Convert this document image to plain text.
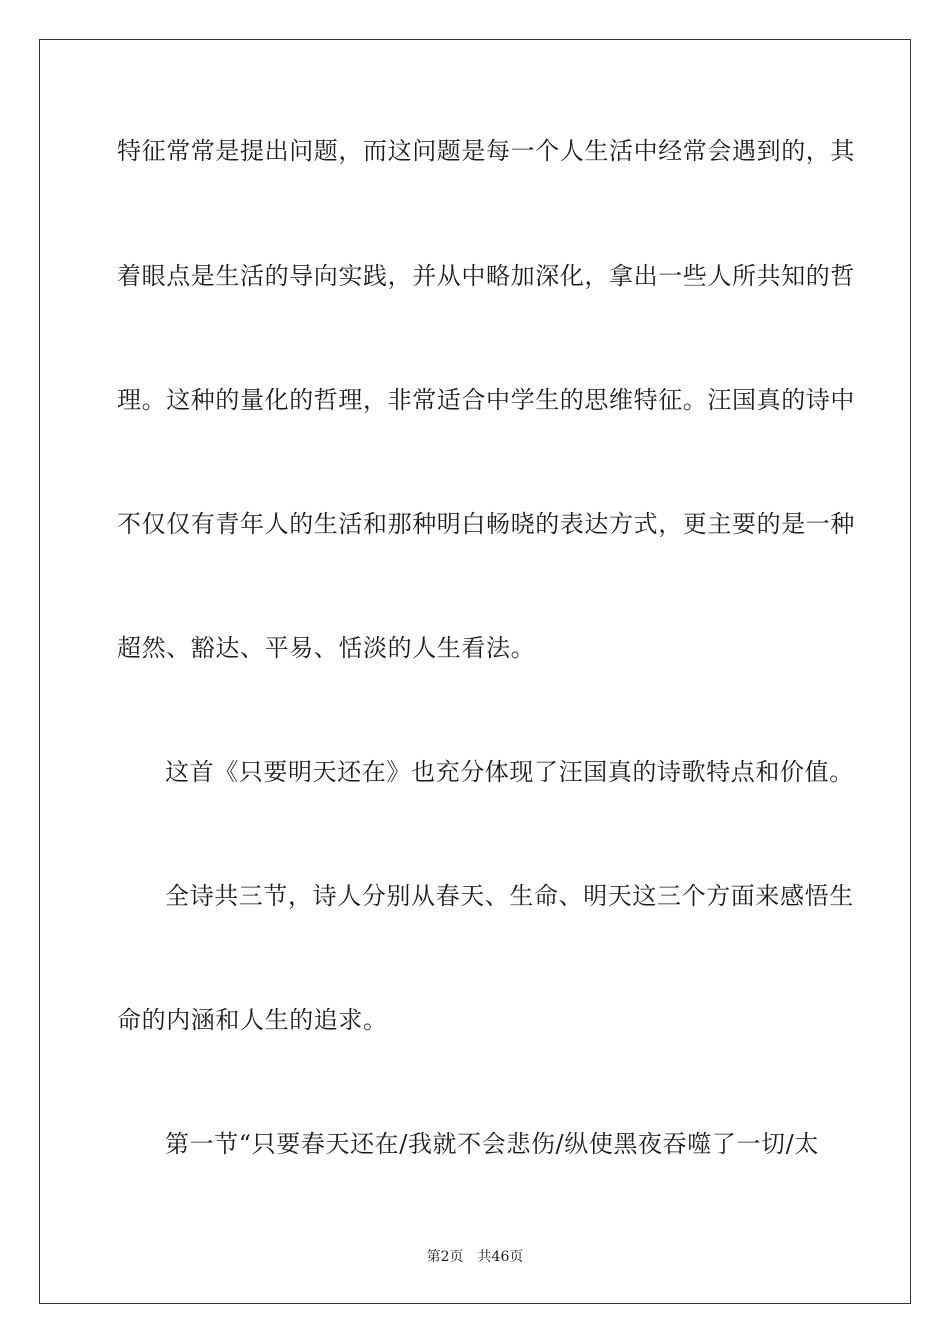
特征常常是提出问题，而这问题是每一个人生活中经常会遇到的，其
着眼点是生活的导向实践，并从中略加深化，拿出一些人所共知的哲
理。这种的量化的哲理，非常适合中学生的思维特征。汪国真的诗中
不仅仅有青年人的生活和那种明白畅晓的表达方式，更主要的是一种
超然、豁达、平易、恬淡的人生看法。
这首《只要明天还在》也充分体现了汪国真的诗歌特点和价值。
全诗共三节，诗人分别从春天、生命、明天这三个方面来感悟生
命的内涵和人生的追求。
第一节“只要春天还在/我就不会悲伤/纵使黑夜吞噬了一切/太
第2页 共46页
